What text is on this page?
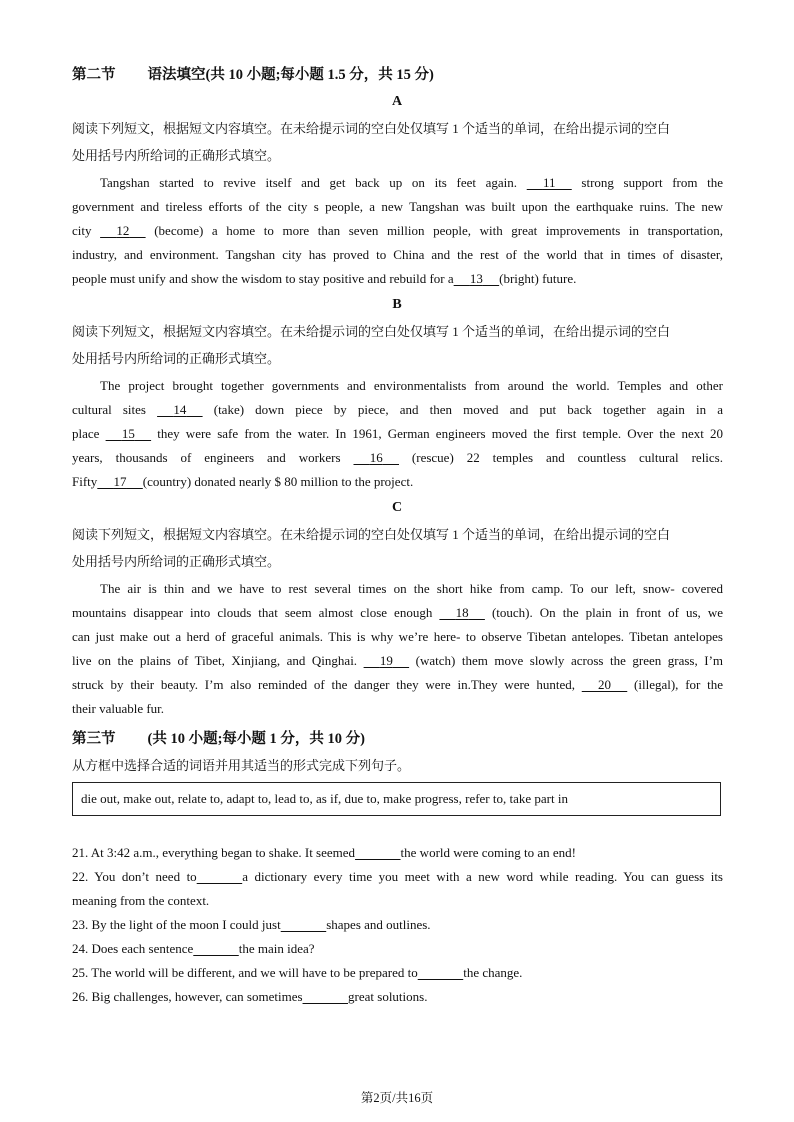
第二节 语法填空(共 10 小题;每小题 1.5 分，共 15 分)
A
阅读下列短文，根据短文内容填空。在未给提示词的空白处仅填写 1 个适当的单词，在给出提示词的空白
处用括号内所给词的正确形式填空。
Tangshan started to revive itself and get back up on its feet again. 11 strong support from the
government and tireless efforts of the city s people, a new Tangshan was built upon the earthquake ruins. The new
city 12 (become) a home to more than seven million people, with great improvements in transportation,
industry, and environment. Tangshan city has proved to China and the rest of the world that in times of disaster,
people must unify and show the wisdom to stay positive and rebuild for a 13 (bright) future.
B
阅读下列短文，根据短文内容填空。在未给提示词的空白处仅填写 1 个适当的单词，在给出提示词的空白
处用括号内所给词的正确形式填空。
The project brought together governments and environmentalists from around the world. Temples and other
cultural sites 14 (take) down piece by piece, and then moved and put back together again in a
place 15 they were safe from the water. In 1961, German engineers moved the first temple. Over the next 20
years, thousands of engineers and workers 16 (rescue) 22 temples and countless cultural relics.
Fifty 17 (country) donated nearly $ 80 million to the project.
C
阅读下列短文，根据短文内容填空。在未给提示词的空白处仅填写 1 个适当的单词，在给出提示词的空白
处用括号内所给词的正确形式填空。
The air is thin and we have to rest several times on the short hike from camp. To our left, snow- covered
mountains disappear into clouds that seem almost close enough 18 (touch). On the plain in front of us, we
can just make out a herd of graceful animals. This is why we’re here- to observe Tibetan antelopes. Tibetan antelopes
live on the plains of Tibet, Xinjiang, and Qinghai. 19 (watch) them move slowly across the green grass, I’m
struck by their beauty. I’m also reminded of the danger they were in.They were hunted, 20 (illegal), for the
their valuable fur.
第三节 (共 10 小题;每小题 1 分，共 10 分)
从方框中选择合适的词语并用其适当的形式完成下列句子。
die out, make out, relate to, adapt to, lead to, as if, due to, make progress, refer to, take part in
21. At 3:42 a.m., everything began to shake. It seemed	the world were coming to an end!
22. You don’t need to	a dictionary every time you meet with a new word while reading. You can guess its
meaning from the context.
23. By the light of the moon I could just	shapes and outlines.
24. Does each sentence	the main idea?
25. The world will be different, and we will have to be prepared to	the change.
26. Big challenges, however, can sometimes	great solutions.
第2页/共16页
